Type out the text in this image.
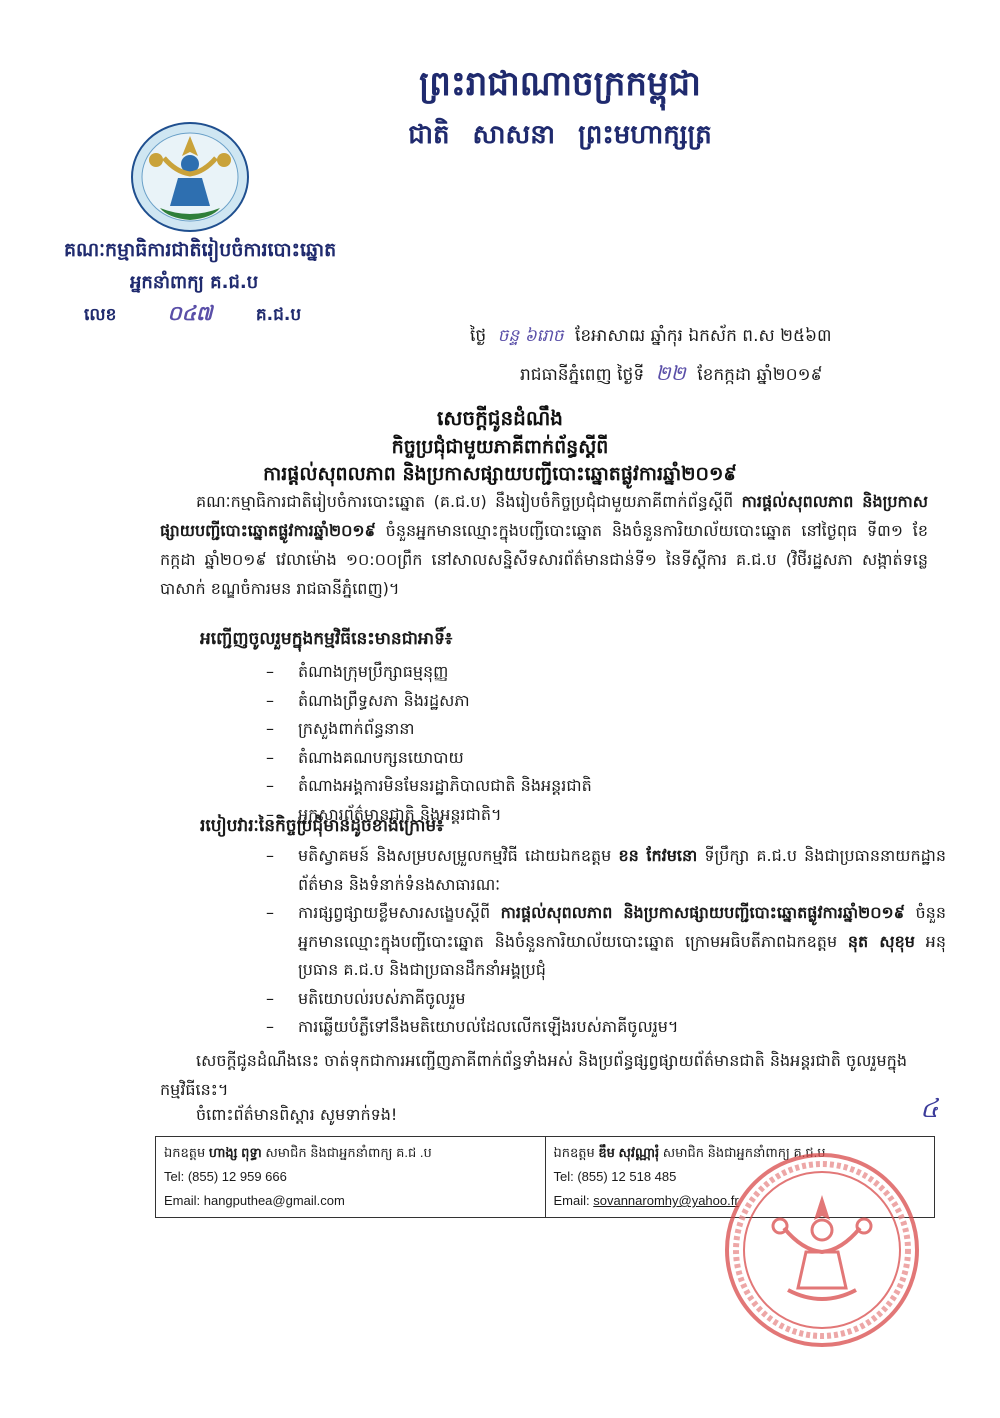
ព្រះរាជាណាចក្រកម្ពុជា
ជាតិ សាសនា ព្រះមហាក្សត្រ
គណៈកម្មាធិការជាតិរៀបចំការបោះឆ្នោត
អ្នកនាំពាក្យ គ.ជ.ប
លេខ	០៤៧	គ.ជ.ប
ថ្ងៃ ចន្ទ ៦រោច ខែអាសាឍ ឆ្នាំកុរ ឯកស័ក ព.ស ២៥៦៣
រាជធានីភ្នំពេញ ថ្ងៃទី ២២ ខែកក្កដា ឆ្នាំ២០១៩
សេចក្តីជូនដំណឹង
កិច្ចប្រជុំជាមួយភាគីពាក់ព័ន្ធស្តីពី
ការផ្តល់សុពលភាព និងប្រកាសផ្សាយបញ្ជីបោះឆ្នោតផ្លូវការឆ្នាំ២០១៩
គណៈកម្មាធិការជាតិរៀបចំការបោះឆ្នោត (គ.ជ.ប) នឹងរៀបចំកិច្ចប្រជុំជាមួយភាគីពាក់ព័ន្ធស្តីពី ការផ្តល់សុពលភាព និងប្រកាសផ្សាយបញ្ជីបោះឆ្នោតផ្លូវការឆ្នាំ២០១៩ ចំនួនអ្នកមានឈ្មោះក្នុងបញ្ជីបោះឆ្នោត និងចំនួនការិយាល័យបោះឆ្នោត នៅថ្ងៃពុធ ទី៣១ ខែកក្កដា ឆ្នាំ២០១៩ វេលាម៉ោង ១០:០០ព្រឹក នៅសាលសន្និសីទសារព័ត៌មានជាន់ទី១ នៃទីស្តីការ គ.ជ.ប (វិថីរដ្ឋសភា សង្កាត់ទន្លេបាសាក់ ខណ្ឌចំការមន រាជធានីភ្នំពេញ)។
អញ្ជើញចូលរួមក្នុងកម្មវិធីនេះមានជាអាទិ៍៖
– តំណាងក្រុមប្រឹក្សាធម្មនុញ្ញ
– តំណាងព្រឹទ្ធសភា និងរដ្ឋសភា
– ក្រសួងពាក់ព័ន្ធនានា
– តំណាងគណបក្សនយោបាយ
– តំណាងអង្គការមិនមែនរដ្ឋាភិបាលជាតិ និងអន្តរជាតិ
– អ្នកសារព័ត៌មានជាតិ និងអន្តរជាតិ។
របៀបវារៈនៃកិច្ចប្រជុំមានដូចខាងក្រោម៖
– មតិស្វាគមន៍ និងសម្របសម្រួលកម្មវិធី ដោយឯកឧត្តម ខន កែវមនោ ទីប្រឹក្សា គ.ជ.ប និងជាប្រធាននាយកដ្ឋានព័ត៌មាន និងទំនាក់ទំនងសាធារណៈ
– ការផ្សព្វផ្សាយខ្លឹមសារសង្ខេបស្តីពី ការផ្តល់សុពលភាព និងប្រកាសផ្សាយបញ្ជីបោះឆ្នោតផ្លូវការឆ្នាំ២០១៩ ចំនួនអ្នកមានឈ្មោះក្នុងបញ្ជីបោះឆ្នោត និងចំនួនការិយាល័យបោះឆ្នោត ក្រោមអធិបតីភាពឯកឧត្តម នុត សុខុម អនុប្រធាន គ.ជ.ប និងជាប្រធានដឹកនាំអង្គប្រជុំ
– មតិយោបល់របស់ភាគីចូលរួម
– ការឆ្លើយបំភ្លឺទៅនឹងមតិយោបល់ដែលលើកឡើងរបស់ភាគីចូលរួម។
សេចក្តីជូនដំណឹងនេះ ចាត់ទុកជាការអញ្ជើញភាគីពាក់ព័ន្ធទាំងអស់ និងប្រព័ន្ធផ្សព្វផ្សាយព័ត៌មានជាតិ និងអន្តរជាតិ ចូលរួមក្នុងកម្មវិធីនេះ។
ចំពោះព័ត៌មានពិស្តារ សូមទាក់ទង!	៤
ឯកឧត្តម ហាង្ស ពុទ្ធា សមាជិក និងជាអ្នកនាំពាក្យ គ.ជ .ប
Tel: (855) 12 959 666
Email: hangputhea@gmail.com

ឯកឧត្តម ឌឹម សុវណ្ណារុំ សមាជិក និងជាអ្នកនាំពាក្យ គ.ជ.ប
Tel: (855) 12 518 485
Email: sovannaromhy@yahoo.fr
